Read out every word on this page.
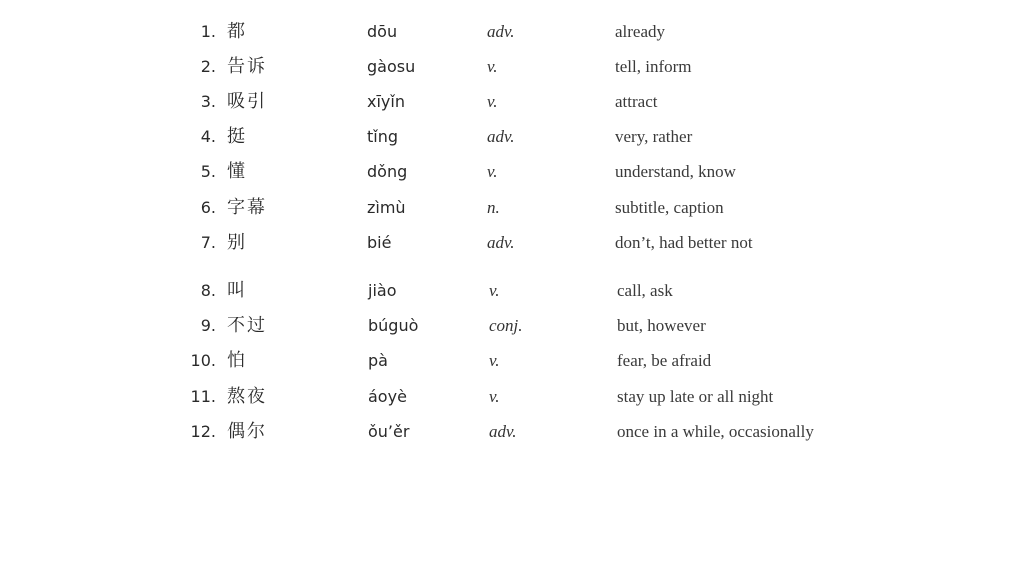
1. 都	dōu	adv.	already
2. 告诉	gàosu	v.	tell, inform
3. 吸引	xīyǐn	v.	attract
4. 挺	tǐng	adv.	very, rather
5. 懂	dǒng	v.	understand, know
6. 字幕	zìmù	n.	subtitle, caption
7. 别	bié	adv.	don’t, had better not
8. 叫	jiào	v.	call, ask
9. 不过	búguò	conj.	but, however
10. 怕	pà	v.	fear, be afraid
11. 熬夜	áoyè	v.	stay up late or all night
12. 偶尔	ǒu’ěr	adv.	once in a while, occasionally
